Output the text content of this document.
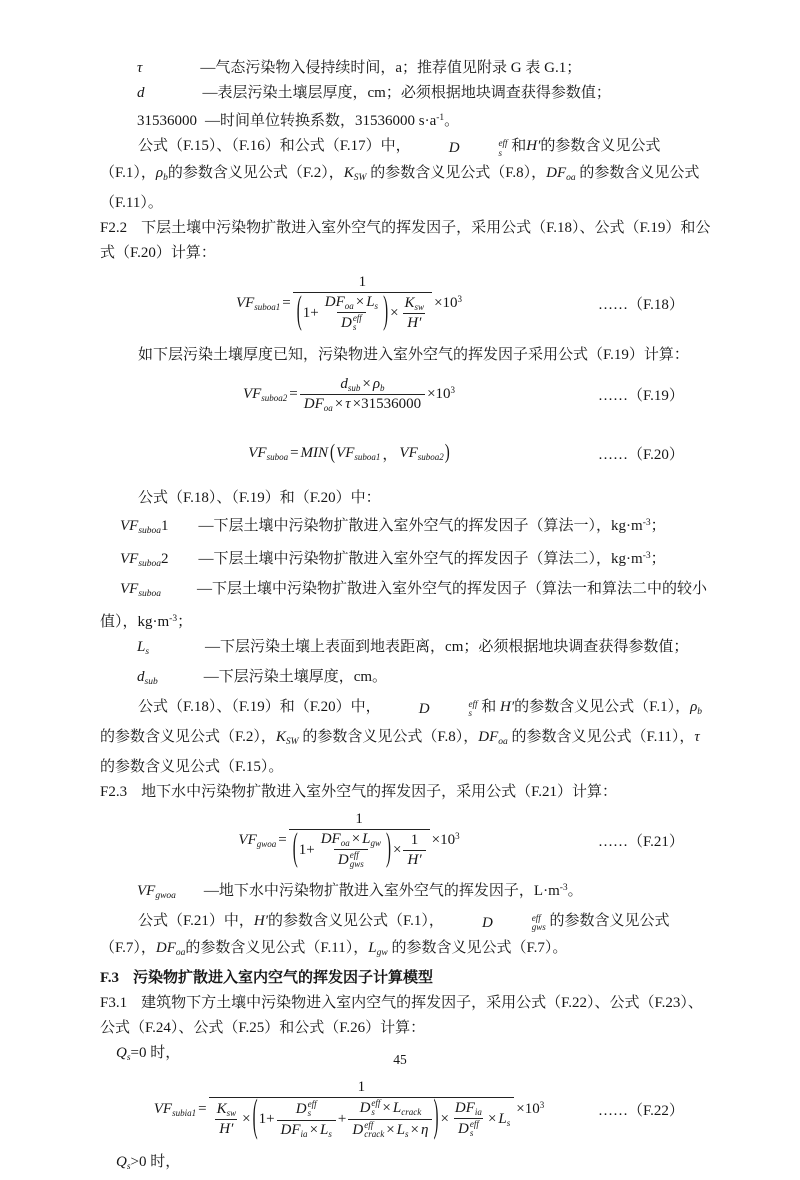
τ	—气态污染物入侵持续时间，a；推荐值见附录 G 表 G.1；

d	—表层污染土壤层厚度，cm；必须根据地块调查获得参数值；

31536000 —时间单位转换系数，31536000 $s\cdot a^{-1}$。

公式（F.15）、（F.16）和公式（F.17）中，	D	eff
s 和H′的参数含义见公式（F.1），$\rho_b$的参数含义见公式（F.2），$K_{SW}$ 的参数含义见公式（F.8），$DF_{oa}$ 的参数含义见公式（F.11）。

F2.2 下层土壤中污染物扩散进入室外空气的挥发因子，采用公式（F.18）、公式（F.19）和公式（F.20）计算：

$VF_{suboa1} = 1$
( $1+ DF_{oa} \times L_s$
D eff
s ) × $\frac{K_{sw}}{H'} \times 10^3$	……（F.18）

如下层污染土壤厚度已知，污染物进入室外空气的挥发因子采用公式（F.19）计算：

$VF_{suboa2} = \frac{d_{sub} \times \rho_b}{DF_{oa} \times \tau \times 31536000} \times 10^3$	……（F.19）
$VF_{suboa}$ = MIN ( $VF_{suboa1}$ ， $VF_{suboa2}$ )	……（F.20）

公式（F.18）、（F.19）和（F.20）中：

$VF_{suboa}1$ —下层土壤中污染物扩散进入室外空气的挥发因子（算法一），$kg\cdot m^{-3}$；

$VF_{suboa}2$ —下层土壤中污染物扩散进入室外空气的挥发因子（算法二），$kg\cdot m^{-3}$；

$VF_{suboa}$ —下层土壤中污染物扩散进入室外空气的挥发因子（算法一和算法二中的较小值），$kg\cdot m^{-3}$；

$L_s$	—下层污染土壤上表面到地表距离，cm；必须根据地块调查获得参数值；

$d_{sub}$	—下层污染土壤厚度，cm。

公式（F.18）、（F.19）和（F.20）中，	D	eff
s 和 H′的参数含义见公式（F.1），$\rho_b$ 的参数含义见公式（F.2），$K_{SW}$ 的参数含义见公式（F.8），$DF_{oa}$ 的参数含义见公式（F.11），τ 的参数含义见公式（F.15）。

F2.3 地下水中污染物扩散进入室外空气的挥发因子，采用公式（F.21）计算：

$VF_{gwoa} = 1$
( $1+ DF_{oa} \times L_{gw}$
D eff
gws ) × $\frac{1}{H'} \times 10^3$	……（F.21）

$VF_{gwoa}$ —地下水中污染物扩散进入室外空气的挥发因子，$L\cdot m^{-3}$。

公式（F.21）中，H′的参数含义见公式（F.1），	D	eff
gws 的参数含义见公式（F.7），$DF_{oa}$的参数含义见公式（F.11），$L_{gw}$ 的参数含义见公式（F.7）。

F.3 污染物扩散进入室内空气的挥发因子计算模型

F3.1 建筑物下方土壤中污染物进入室内空气的挥发因子，采用公式（F.22）、公式（F.23）、公式（F.24）、公式（F.25）和公式（F.26）计算：

$Q_s=0$ 时，

$VF_{subia1}$ =
1
$\frac{K_{sw}}{H'}$ × ( 1+ D eff
s
$DF_{ia} \times L_s + D$ eff
$s \times L_{crack}$
D eff
crack × $L_s \times \eta$ ) × $DF_{ia}$
D eff
$s \times L_s$
$\times 10^3$	……（F.22）

$Q_s>0$ 时，

45
